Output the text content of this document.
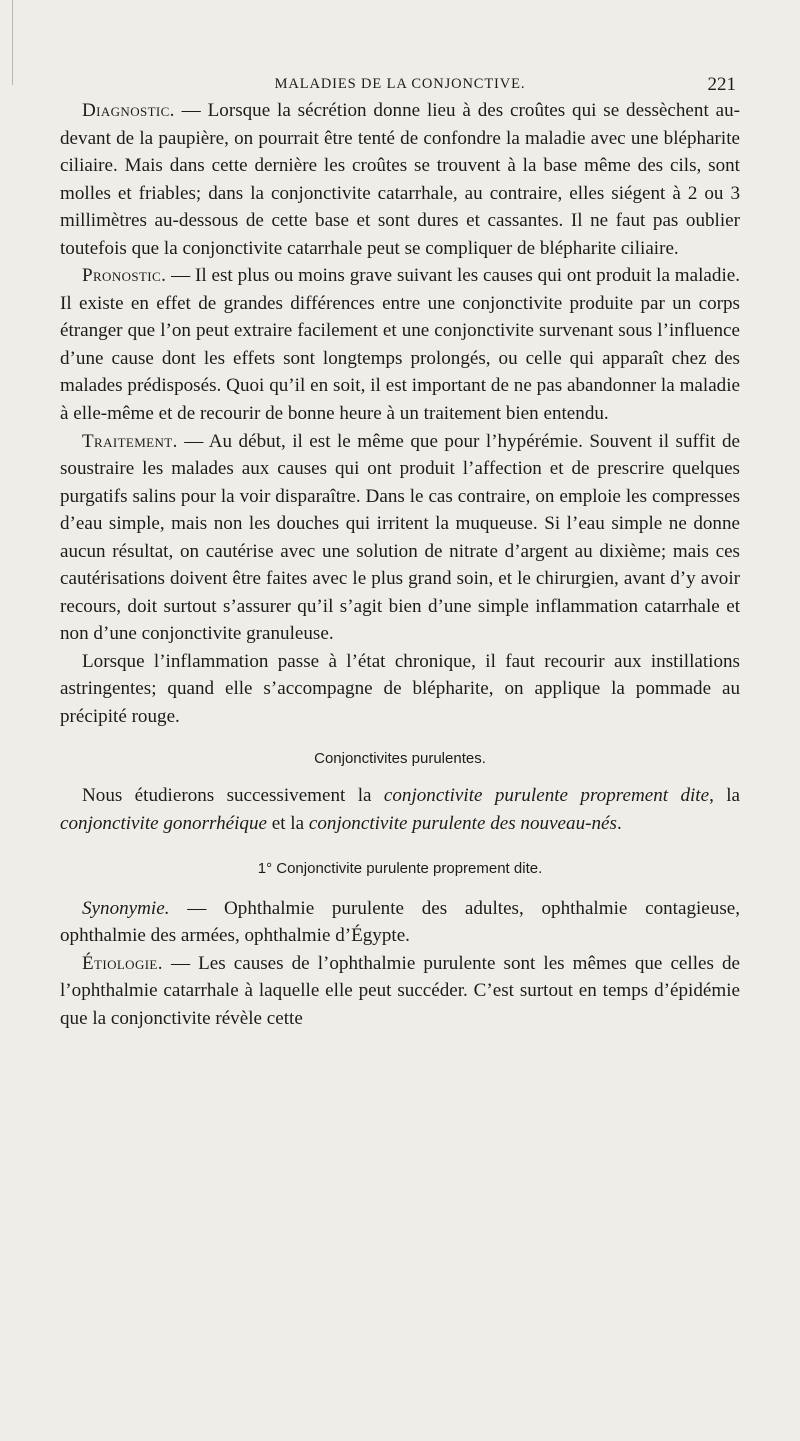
MALADIES DE LA CONJONCTIVE.	221

Diagnostic. — Lorsque la sécrétion donne lieu à des croûtes qui se dessèchent au-devant de la paupière, on pourrait être tenté de confondre la maladie avec une blépharite ciliaire. Mais dans cette dernière les croûtes se trouvent à la base même des cils, sont molles et friables; dans la conjonctivite catarrhale, au contraire, elles siégent à 2 ou 3 millimètres au-dessous de cette base et sont dures et cassantes. Il ne faut pas oublier toutefois que la conjonctivite catarrhale peut se compliquer de blépharite ciliaire.

Pronostic. — Il est plus ou moins grave suivant les causes qui ont produit la maladie. Il existe en effet de grandes différences entre une conjonctivite produite par un corps étranger que l’on peut extraire facilement et une conjonctivite survenant sous l’influence d’une cause dont les effets sont longtemps prolongés, ou celle qui apparaît chez des malades prédisposés. Quoi qu’il en soit, il est important de ne pas abandonner la maladie à elle-même et de recourir de bonne heure à un traitement bien entendu.

Traitement. — Au début, il est le même que pour l’hypérémie. Souvent il suffit de soustraire les malades aux causes qui ont produit l’affection et de prescrire quelques purgatifs salins pour la voir disparaître. Dans le cas contraire, on emploie les compresses d’eau simple, mais non les douches qui irritent la muqueuse. Si l’eau simple ne donne aucun résultat, on cautérise avec une solution de nitrate d’argent au dixième; mais ces cautérisations doivent être faites avec le plus grand soin, et le chirurgien, avant d’y avoir recours, doit surtout s’assurer qu’il s’agit bien d’une simple inflammation catarrhale et non d’une conjonctivite granuleuse.

Lorsque l’inflammation passe à l’état chronique, il faut recourir aux instillations astringentes; quand elle s’accompagne de blépharite, on applique la pommade au précipité rouge.

Conjonctivites purulentes.

Nous étudierons successivement la conjonctivite purulente proprement dite, la conjonctivite gonorrhéique et la conjonctivite purulente des nouveau-nés.

1° Conjonctivite purulente proprement dite.

Synonymie. — Ophthalmie purulente des adultes, ophthalmie contagieuse, ophthalmie des armées, ophthalmie d’Égypte.

Étiologie. — Les causes de l’ophthalmie purulente sont les mêmes que celles de l’ophthalmie catarrhale à laquelle elle peut succéder. C’est surtout en temps d’épidémie que la conjonctivite révèle cette
